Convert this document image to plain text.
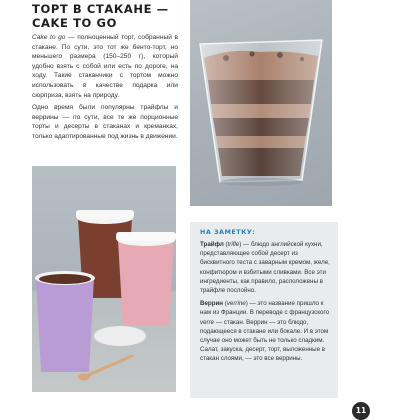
ТОРТ В СТАКАНЕ —
CAKE TO GO

Cake to go — полноценный торт, собранный в стакане. По сути, это тот же бенто-торт, но меньшего размера (150–250 г), который удобно взять с собой или есть по дороге, на ходу. Такие стаканчики с тортом можно использовать в качестве подарка или сюрприза, взять на природу.

Одно время были популярны трайфлы и веррины — по сути, все те же порционные торты и десерты в стаканах и креманках, только адаптированные под жизнь в движении.

НА ЗАМЕТКУ:

Трайфл (trifle) — блюдо английской кухни, представляющее собой десерт из бисквитного теста с заварным кремом, желе, конфитюром и взбитыми сливками. Все эти ингредиенты, как правило, расположены в трайфле послойно.

Веррин (verrine) — это название пришло к нам из Франции. В переводе с французского verre — стакан. Веррин — это блюдо, подающееся в стакане или бокале. И в этом случае оно может быть не только сладким. Салат, закуска, десерт, торт, выложенные в стакан слоями, — это все веррины.

11
